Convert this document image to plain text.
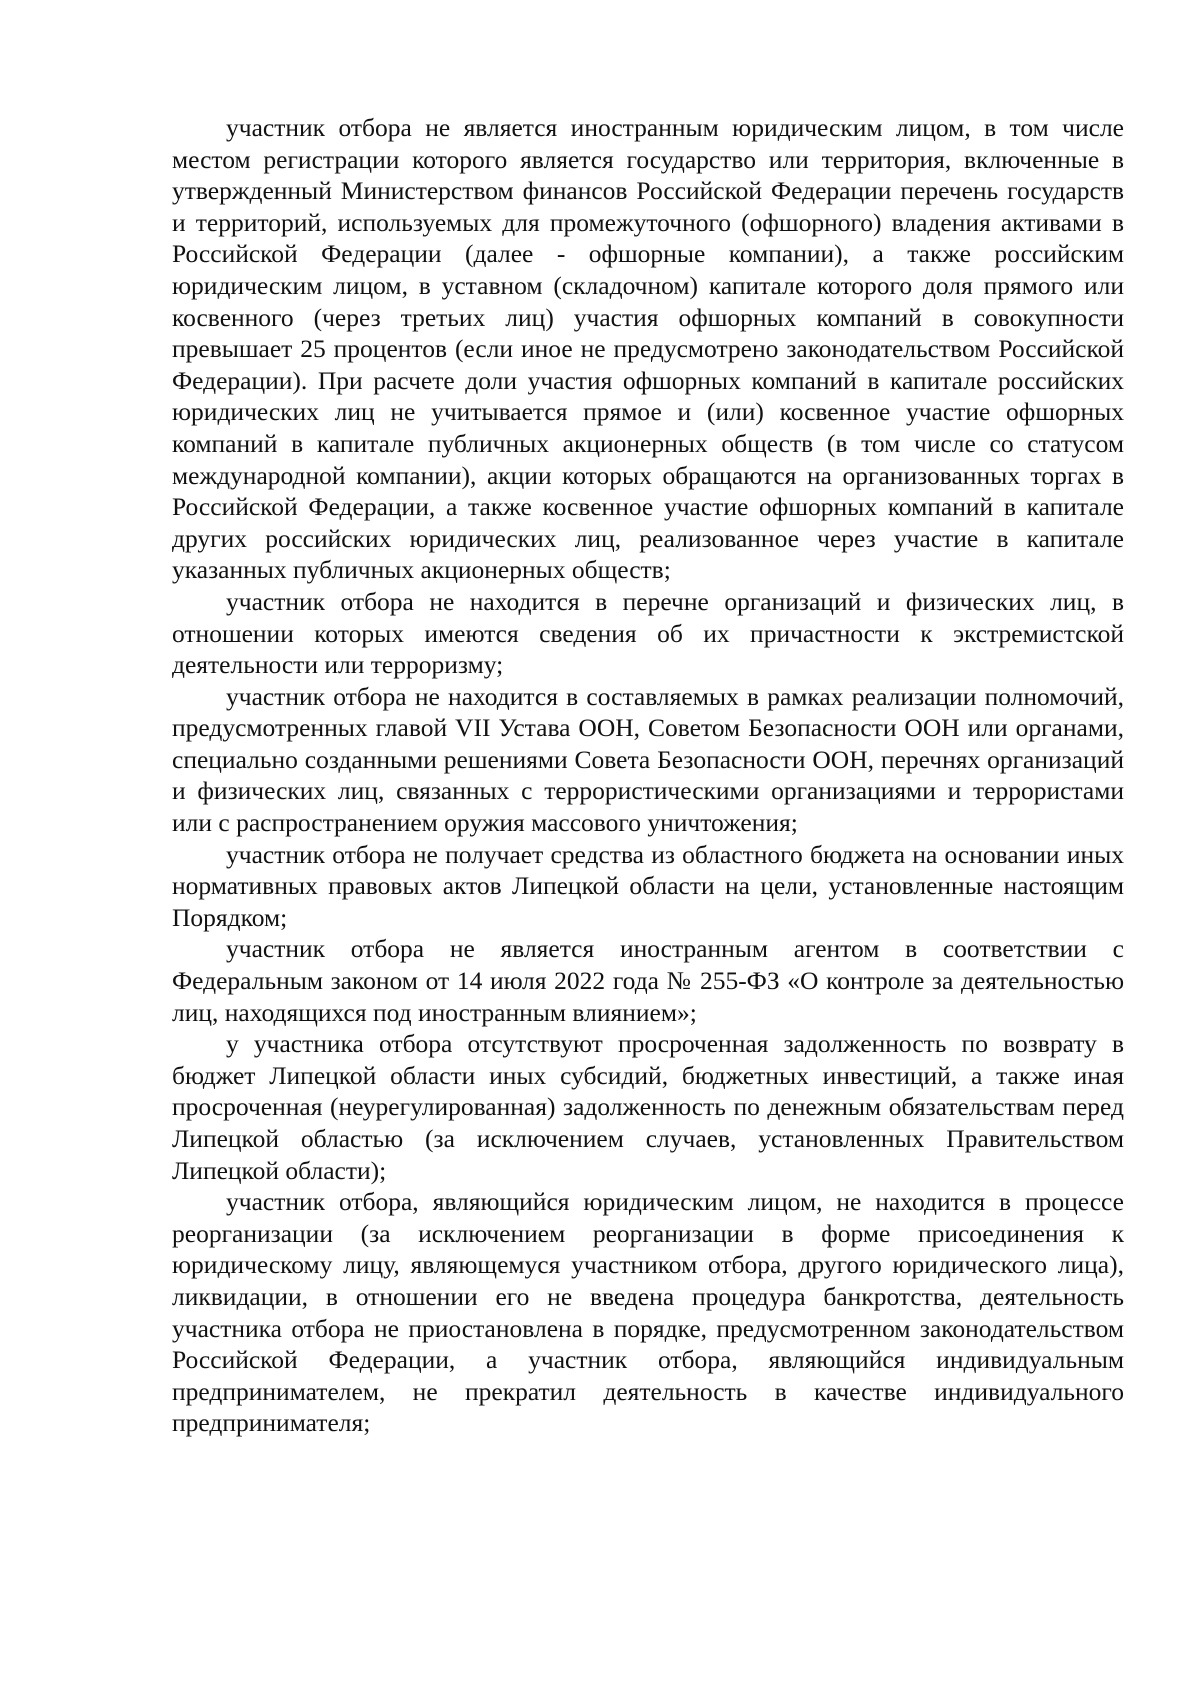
участник отбора не является иностранным юридическим лицом, в том числе местом регистрации которого является государство или территория, включенные в утвержденный Министерством финансов Российской Федерации перечень государств и территорий, используемых для промежуточного (офшорного) владения активами в Российской Федерации (далее - офшорные компании), а также российским юридическим лицом, в уставном (складочном) капитале которого доля прямого или косвенного (через третьих лиц) участия офшорных компаний в совокупности превышает 25 процентов (если иное не предусмотрено законодательством Российской Федерации). При расчете доли участия офшорных компаний в капитале российских юридических лиц не учитывается прямое и (или) косвенное участие офшорных компаний в капитале публичных акционерных обществ (в том числе со статусом международной компании), акции которых обращаются на организованных торгах в Российской Федерации, а также косвенное участие офшорных компаний в капитале других российских юридических лиц, реализованное через участие в капитале указанных публичных акционерных обществ;

участник отбора не находится в перечне организаций и физических лиц, в отношении которых имеются сведения об их причастности к экстремистской деятельности или терроризму;

участник отбора не находится в составляемых в рамках реализации полномочий, предусмотренных главой VII Устава ООН, Советом Безопасности ООН или органами, специально созданными решениями Совета Безопасности ООН, перечнях организаций и физических лиц, связанных с террористическими организациями и террористами или с распространением оружия массового уничтожения;

участник отбора не получает средства из областного бюджета на основании иных нормативных правовых актов Липецкой области на цели, установленные настоящим Порядком;

участник отбора не является иностранным агентом в соответствии с Федеральным законом от 14 июля 2022 года № 255-ФЗ «О контроле за деятельностью лиц, находящихся под иностранным влиянием»;

у участника отбора отсутствуют просроченная задолженность по возврату в бюджет Липецкой области иных субсидий, бюджетных инвестиций, а также иная просроченная (неурегулированная) задолженность по денежным обязательствам перед Липецкой областью (за исключением случаев, установленных Правительством Липецкой области);

участник отбора, являющийся юридическим лицом, не находится в процессе реорганизации (за исключением реорганизации в форме присоединения к юридическому лицу, являющемуся участником отбора, другого юридического лица), ликвидации, в отношении его не введена процедура банкротства, деятельность участника отбора не приостановлена в порядке, предусмотренном законодательством Российской Федерации, а участник отбора, являющийся индивидуальным предпринимателем, не прекратил деятельность в качестве индивидуального предпринимателя;
